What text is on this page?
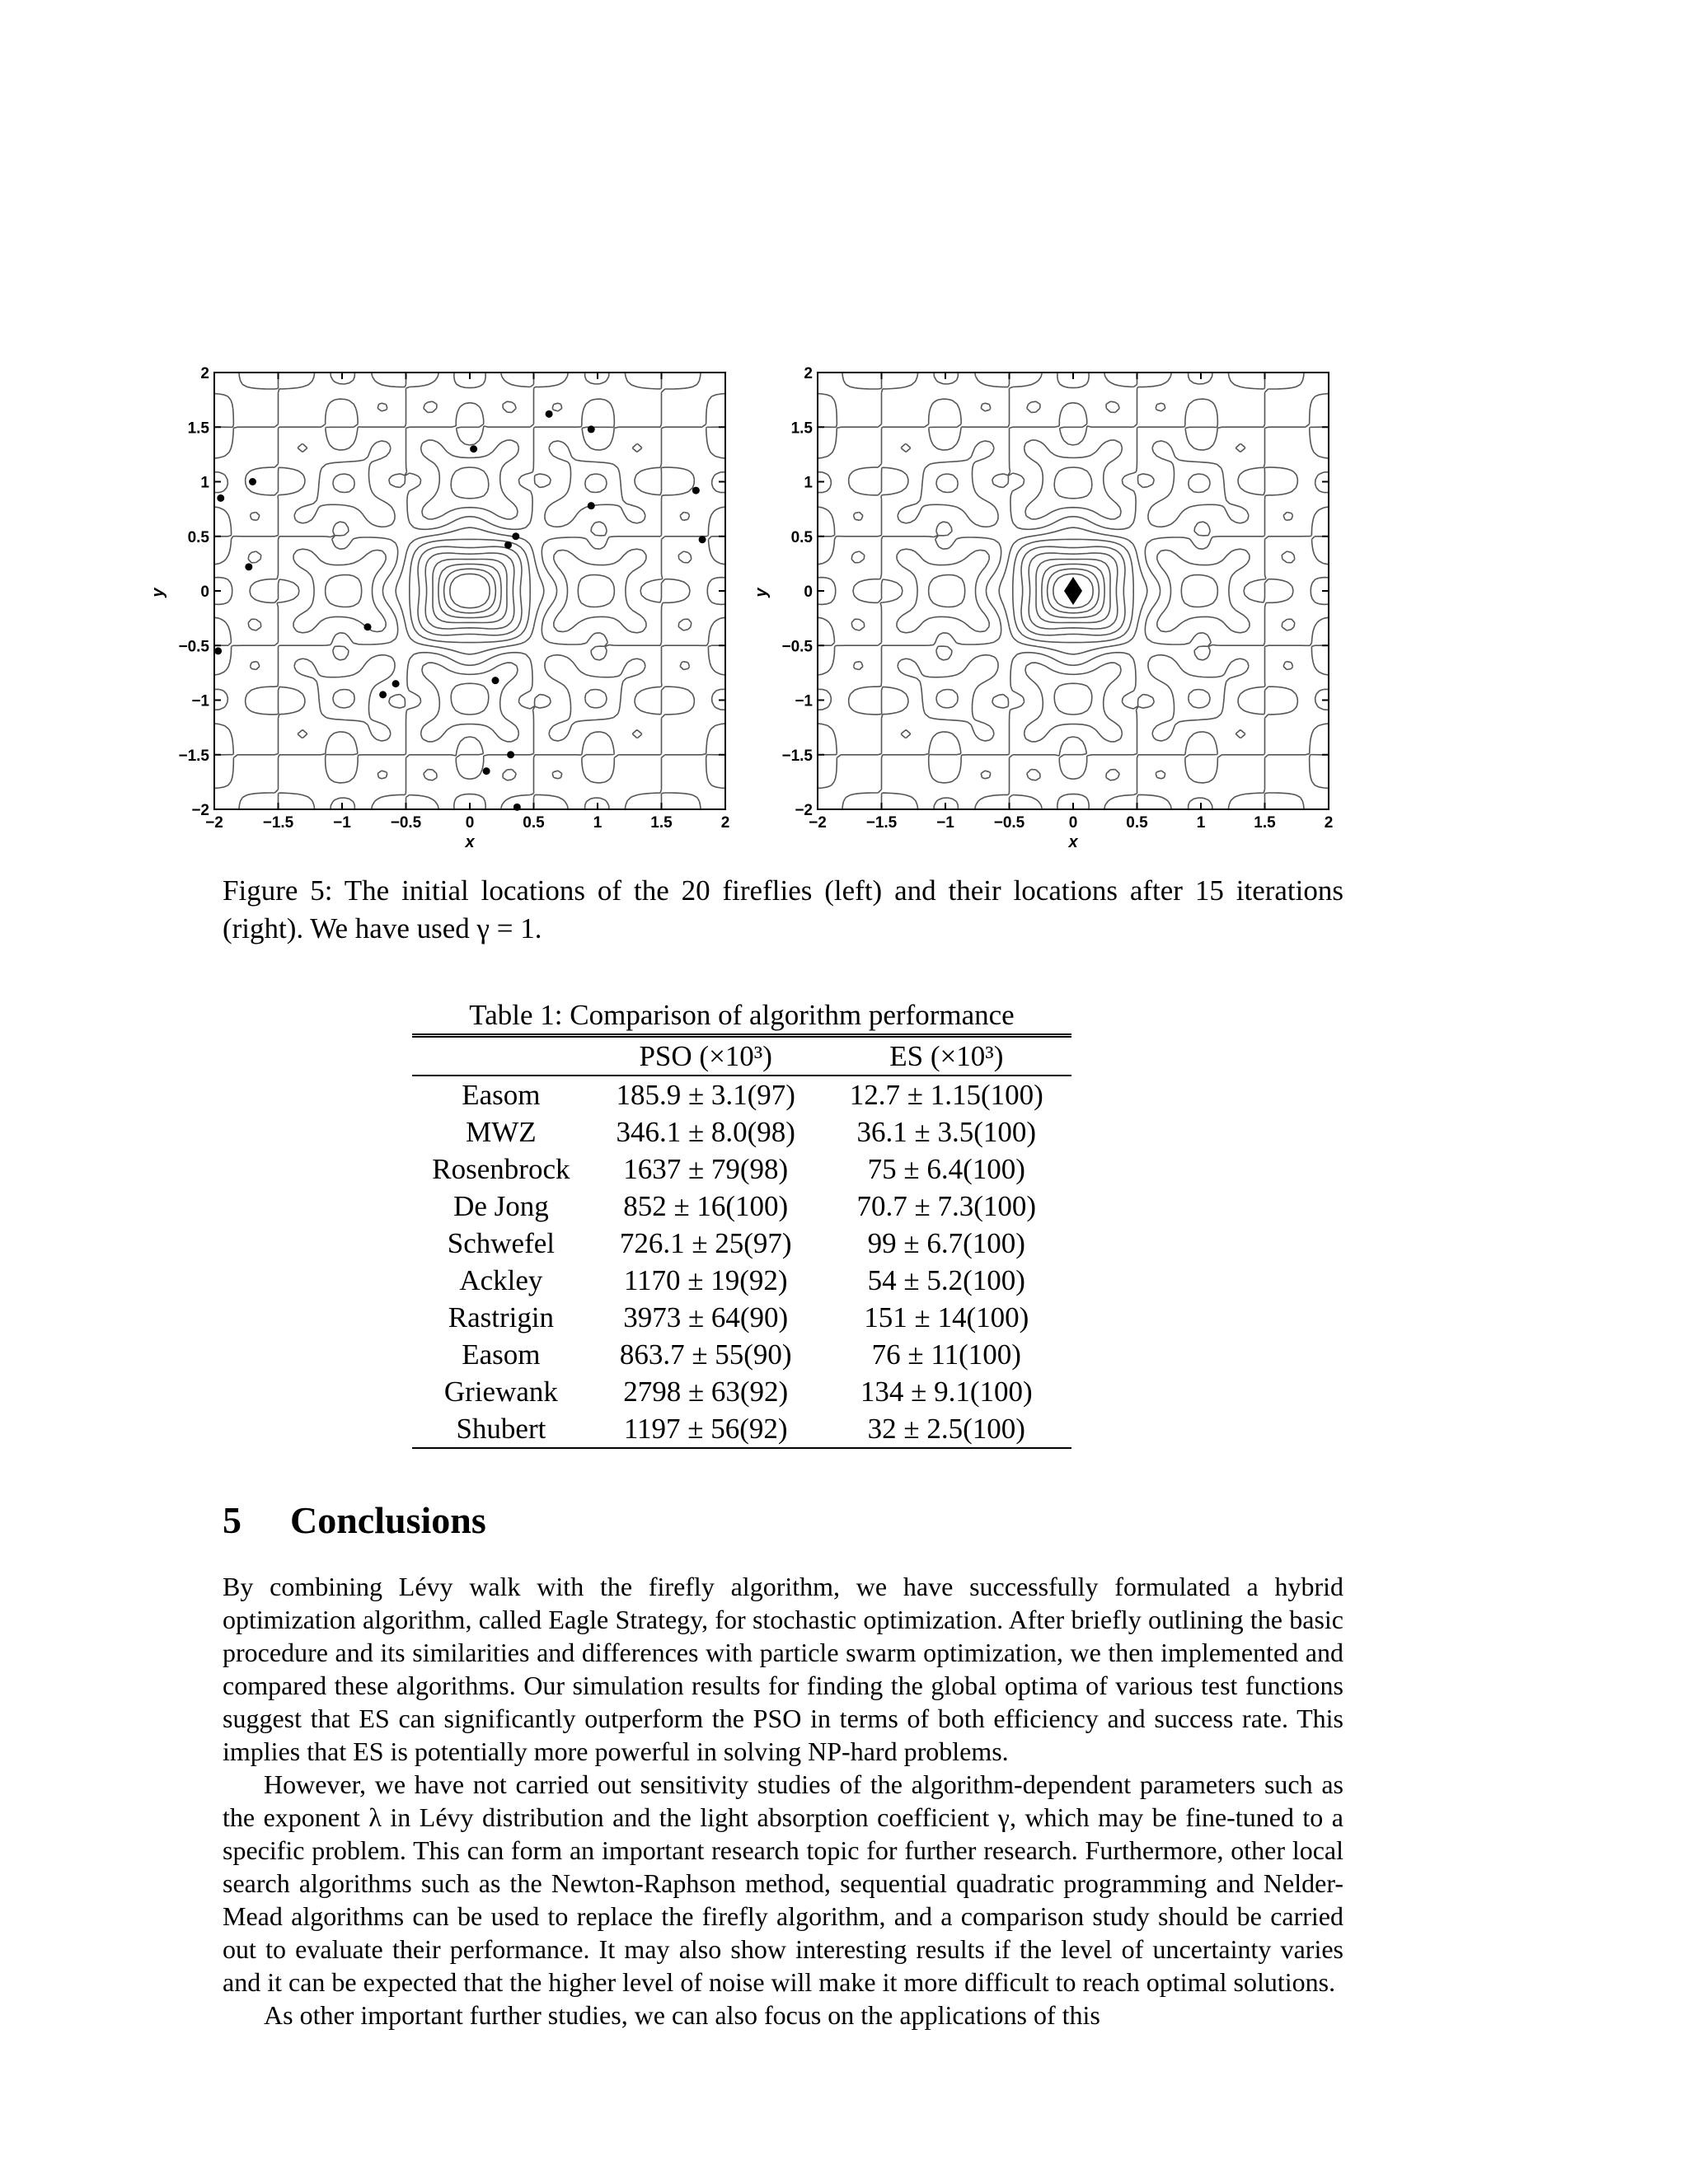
−2	−1.5	−1	−0.5	0	0.5	1	1.5	2
2
1.5
1
0.5
0
−0.5
−1
−1.5
−2
x
y
−2	−1.5	−1	−0.5	0	0.5	1	1.5	2
2
1.5
1
0.5
0
−0.5
−1
−1.5
−2
x
y
Figure 5: The initial locations of the 20 fireflies (left) and their locations after 15 iterations (right). We have used γ = 1.
Table 1: Comparison of algorithm performance
	PSO (×10³)	ES (×10³)
Easom	185.9 ± 3.1(97)	12.7 ± 1.15(100)
MWZ	346.1 ± 8.0(98)	36.1 ± 3.5(100)
Rosenbrock	1637 ± 79(98)	75 ± 6.4(100)
De Jong	852 ± 16(100)	70.7 ± 7.3(100)
Schwefel	726.1 ± 25(97)	99 ± 6.7(100)
Ackley	1170 ± 19(92)	54 ± 5.2(100)
Rastrigin	3973 ± 64(90)	151 ± 14(100)
Easom	863.7 ± 55(90)	76 ± 11(100)
Griewank	2798 ± 63(92)	134 ± 9.1(100)
Shubert	1197 ± 56(92)	32 ± 2.5(100)
5 Conclusions

By combining Lévy walk with the firefly algorithm, we have successfully formulated a hybrid optimization algorithm, called Eagle Strategy, for stochastic optimization. After briefly outlining the basic procedure and its similarities and differences with particle swarm optimization, we then implemented and compared these algorithms. Our simulation results for finding the global optima of various test functions suggest that ES can significantly outperform the PSO in terms of both efficiency and success rate. This implies that ES is potentially more powerful in solving NP-hard problems.

However, we have not carried out sensitivity studies of the algorithm-dependent parameters such as the exponent λ in Lévy distribution and the light absorption coefficient γ, which may be fine-tuned to a specific problem. This can form an important research topic for further research. Furthermore, other local search algorithms such as the Newton-Raphson method, sequential quadratic programming and Nelder-Mead algorithms can be used to replace the firefly algorithm, and a comparison study should be carried out to evaluate their performance. It may also show interesting results if the level of uncertainty varies and it can be expected that the higher level of noise will make it more difficult to reach optimal solutions.

As other important further studies, we can also focus on the applications of this
